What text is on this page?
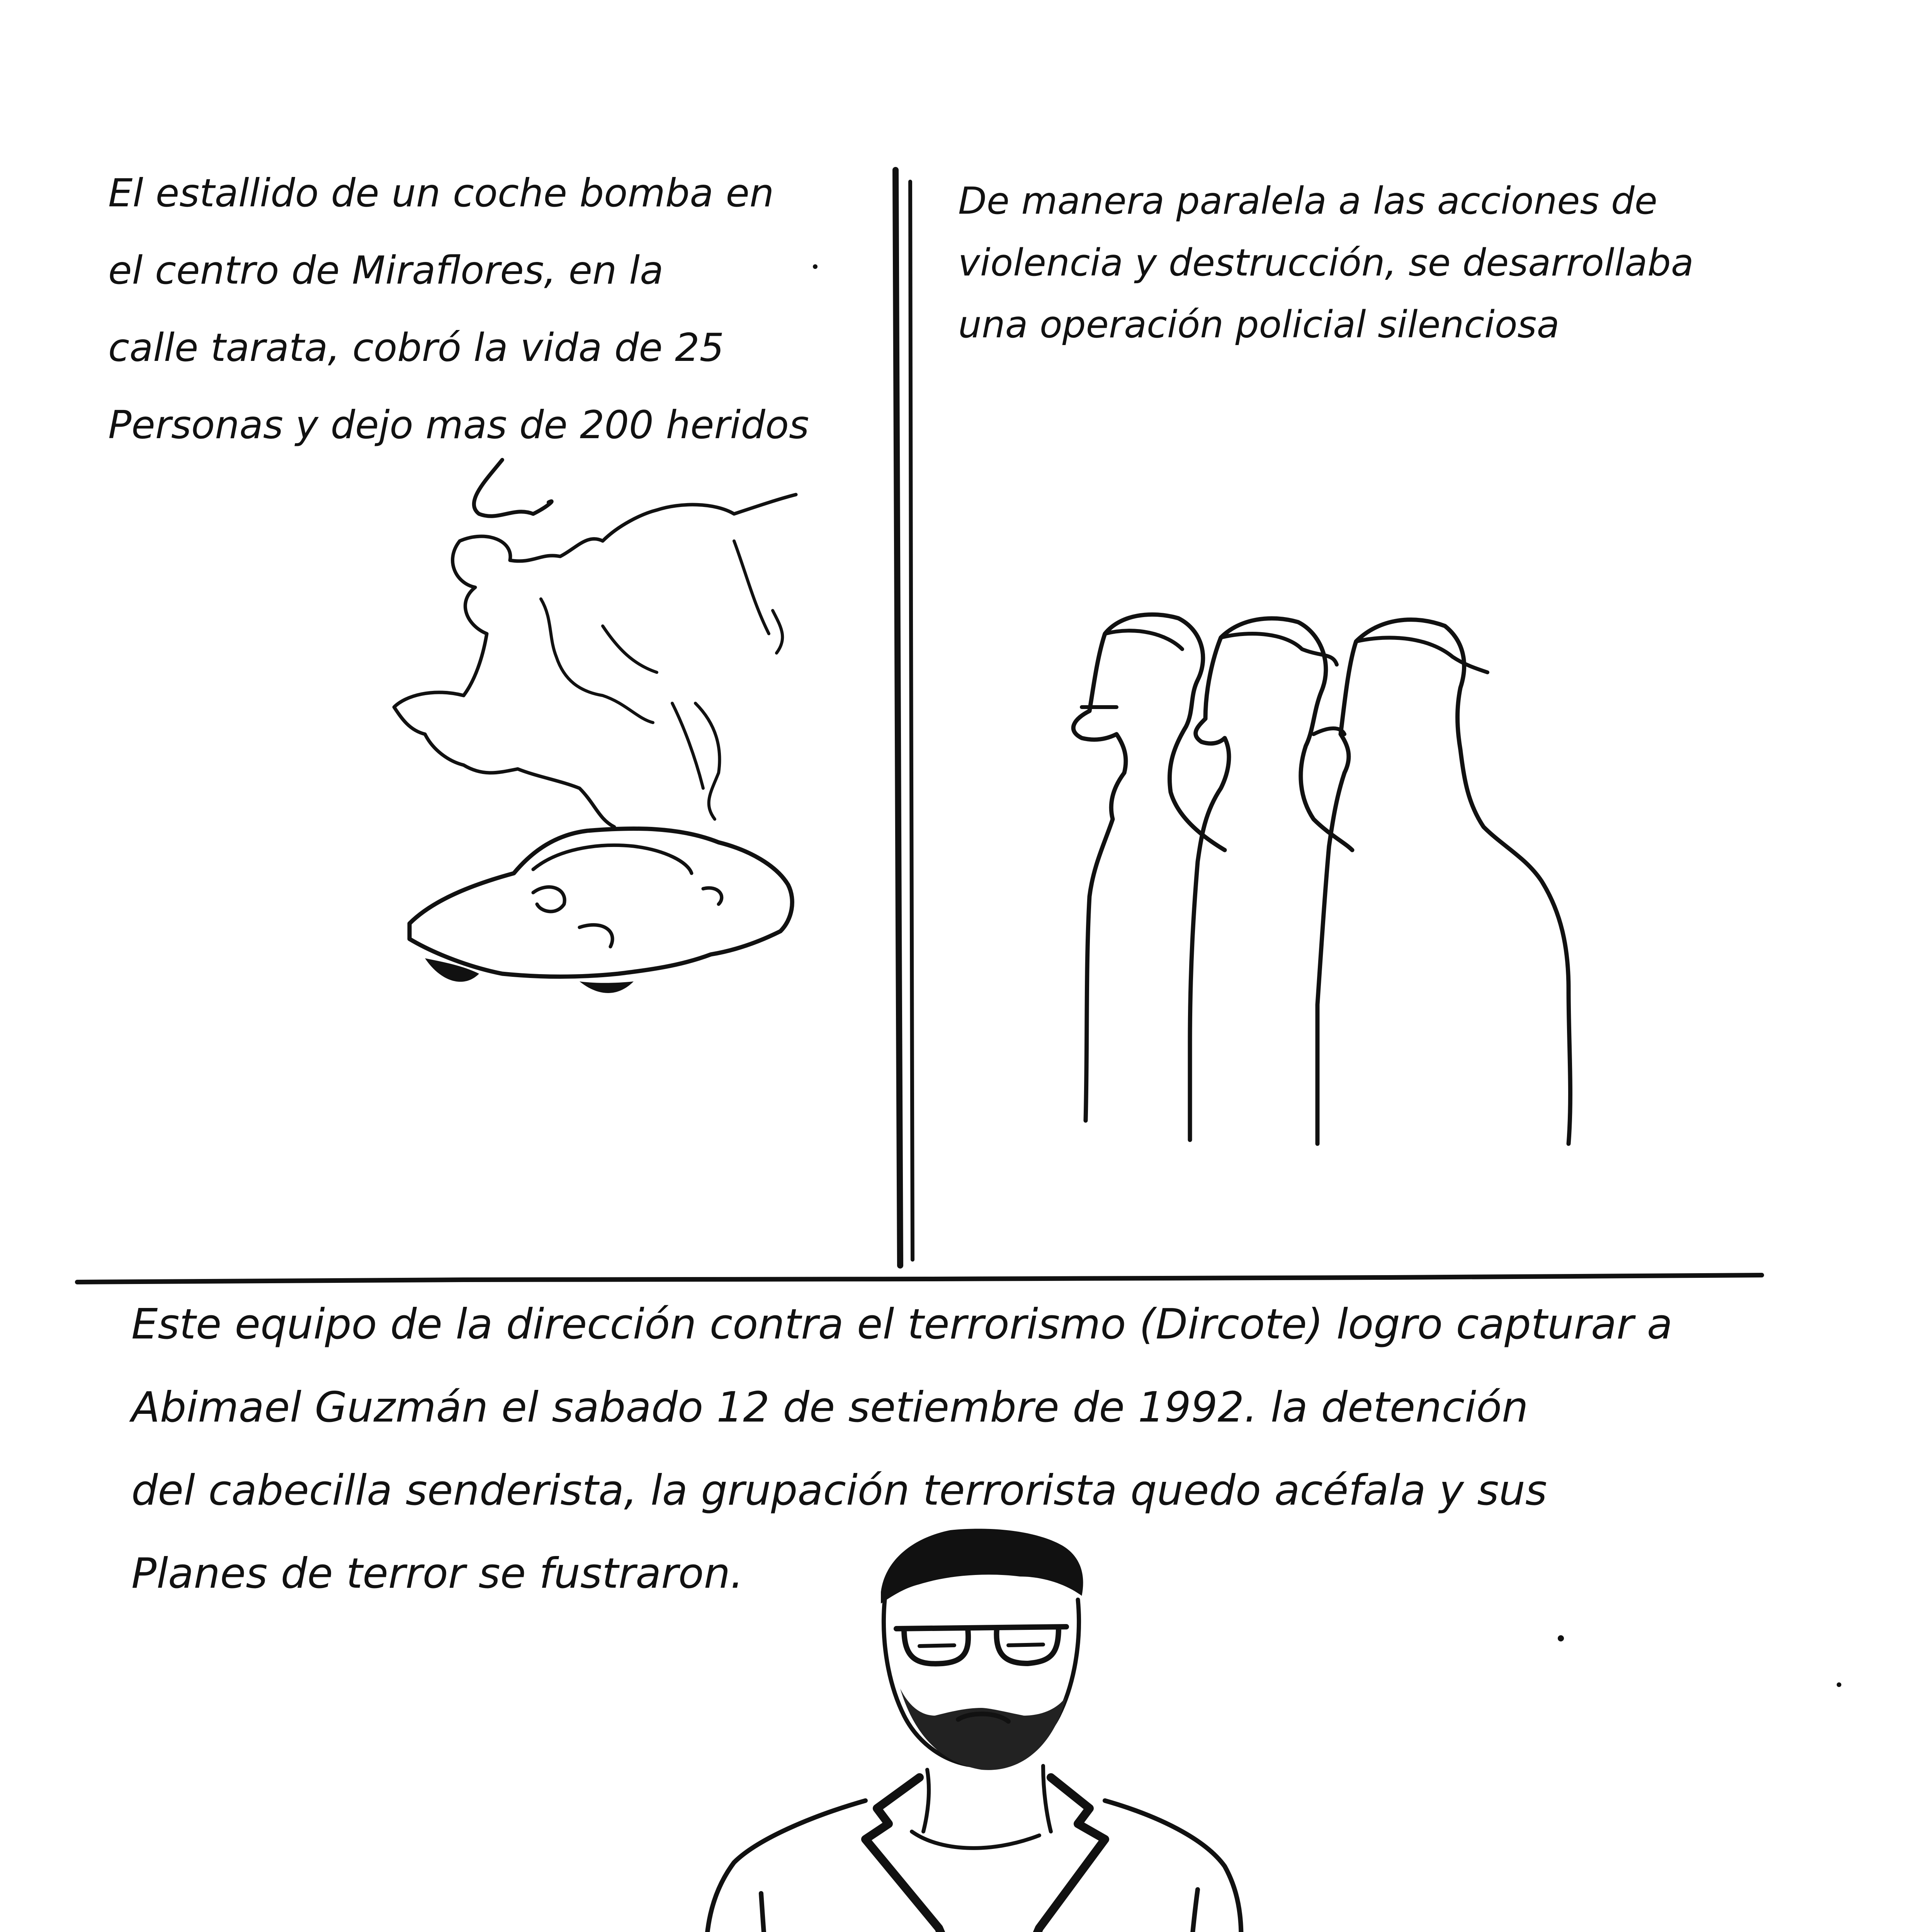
El estallido de un coche bomba en
el centro de Miraflores, en la
calle tarata, cobró la vida de 25
Personas y dejo mas de 200 heridos
De manera paralela a las acciones de
violencia y destrucción, se desarrollaba
una operación policial silenciosa
Este equipo de la dirección contra el terrorismo (Dircote) logro capturar a
Abimael Guzmán el sabado 12 de setiembre de 1992. la detención
del cabecilla senderista, la grupación terrorista quedo acéfala y sus
Planes de terror se fustraron.
